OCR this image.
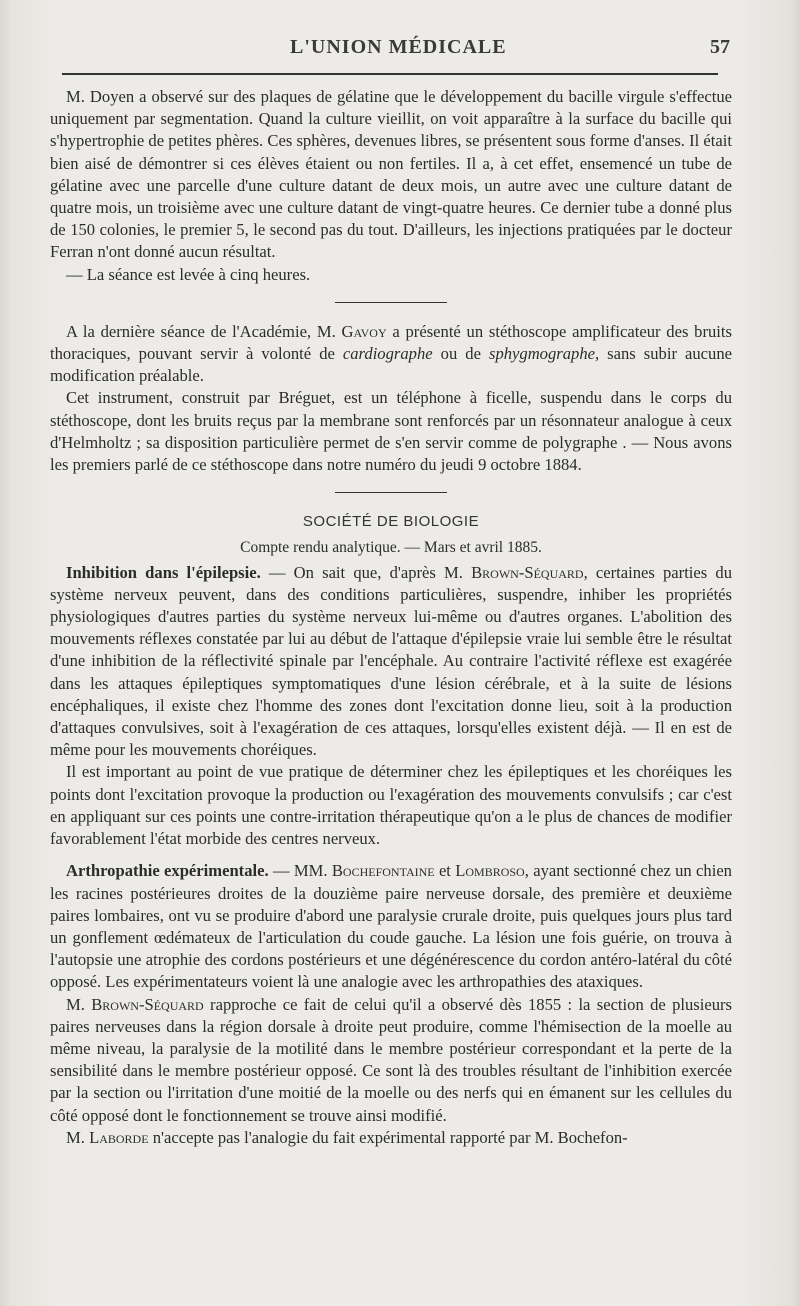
L'UNION MÉDICALE	57

M. Doyen a observé sur des plaques de gélatine que le développement du bacille virgule s'effectue uniquement par segmentation. Quand la culture vieillit, on voit apparaître à la surface du bacille qui s'hypertrophie de petites phères. Ces sphères, devenues libres, se présentent sous forme d'anses. Il était bien aisé de démontrer si ces élèves étaient ou non fertiles. Il a, à cet effet, ensemencé un tube de gélatine avec une parcelle d'une culture datant de deux mois, un autre avec une culture datant de quatre mois, un troisième avec une culture datant de vingt-quatre heures. Ce dernier tube a donné plus de 150 colonies, le premier 5, le second pas du tout. D'ailleurs, les injections pratiquées par le docteur Ferran n'ont donné aucun résultat.

— La séance est levée à cinq heures.

A la dernière séance de l'Académie, M. Gavoy a présenté un stéthoscope amplificateur des bruits thoraciques, pouvant servir à volonté de cardiographe ou de sphygmographe, sans subir aucune modification préalable.

Cet instrument, construit par Bréguet, est un téléphone à ficelle, suspendu dans le corps du stéthoscope, dont les bruits reçus par la membrane sont renforcés par un résonnateur analogue à ceux d'Helmholtz ; sa disposition particulière permet de s'en servir comme de polygraphe . — Nous avons les premiers parlé de ce stéthoscope dans notre numéro du jeudi 9 octobre 1884.

SOCIÉTÉ DE BIOLOGIE
Compte rendu analytique. — Mars et avril 1885.

Inhibition dans l'épilepsie. — On sait que, d'après M. Brown-Séquard, certaines parties du système nerveux peuvent, dans des conditions particulières, suspendre, inhiber les propriétés physiologiques d'autres parties du système nerveux lui-même ou d'autres organes. L'abolition des mouvements réflexes constatée par lui au début de l'attaque d'épilepsie vraie lui semble être le résultat d'une inhibition de la réflectivité spinale par l'encéphale. Au contraire l'activité réflexe est exagérée dans les attaques épileptiques symptomatiques d'une lésion cérébrale, et à la suite de lésions encéphaliques, il existe chez l'homme des zones dont l'excitation donne lieu, soit à la production d'attaques convulsives, soit à l'exagération de ces attaques, lorsqu'elles existent déjà. — Il en est de même pour les mouvements choréiques.

Il est important au point de vue pratique de déterminer chez les épileptiques et les choréiques les points dont l'excitation provoque la production ou l'exagération des mouvements convulsifs ; car c'est en appliquant sur ces points une contre-irritation thérapeutique qu'on a le plus de chances de modifier favorablement l'état morbide des centres nerveux.

Arthropathie expérimentale. — MM. Bochefontaine et Lombroso, ayant sectionné chez un chien les racines postérieures droites de la douzième paire nerveuse dorsale, des première et deuxième paires lombaires, ont vu se produire d'abord une paralysie crurale droite, puis quelques jours plus tard un gonflement œdémateux de l'articulation du coude gauche. La lésion une fois guérie, on trouva à l'autopsie une atrophie des cordons postérieurs et une dégénérescence du cordon antéro-latéral du côté opposé. Les expérimentateurs voient là une analogie avec les arthropathies des ataxiques.

M. Brown-Séquard rapproche ce fait de celui qu'il a observé dès 1855 : la section de plusieurs paires nerveuses dans la région dorsale à droite peut produire, comme l'hémisection de la moelle au même niveau, la paralysie de la motilité dans le membre postérieur correspondant et la perte de la sensibilité dans le membre postérieur opposé. Ce sont là des troubles résultant de l'inhibition exercée par la section ou l'irritation d'une moitié de la moelle ou des nerfs qui en émanent sur les cellules du côté opposé dont le fonctionnement se trouve ainsi modifié.

M. Laborde n'accepte pas l'analogie du fait expérimental rapporté par M. Bochefon-
